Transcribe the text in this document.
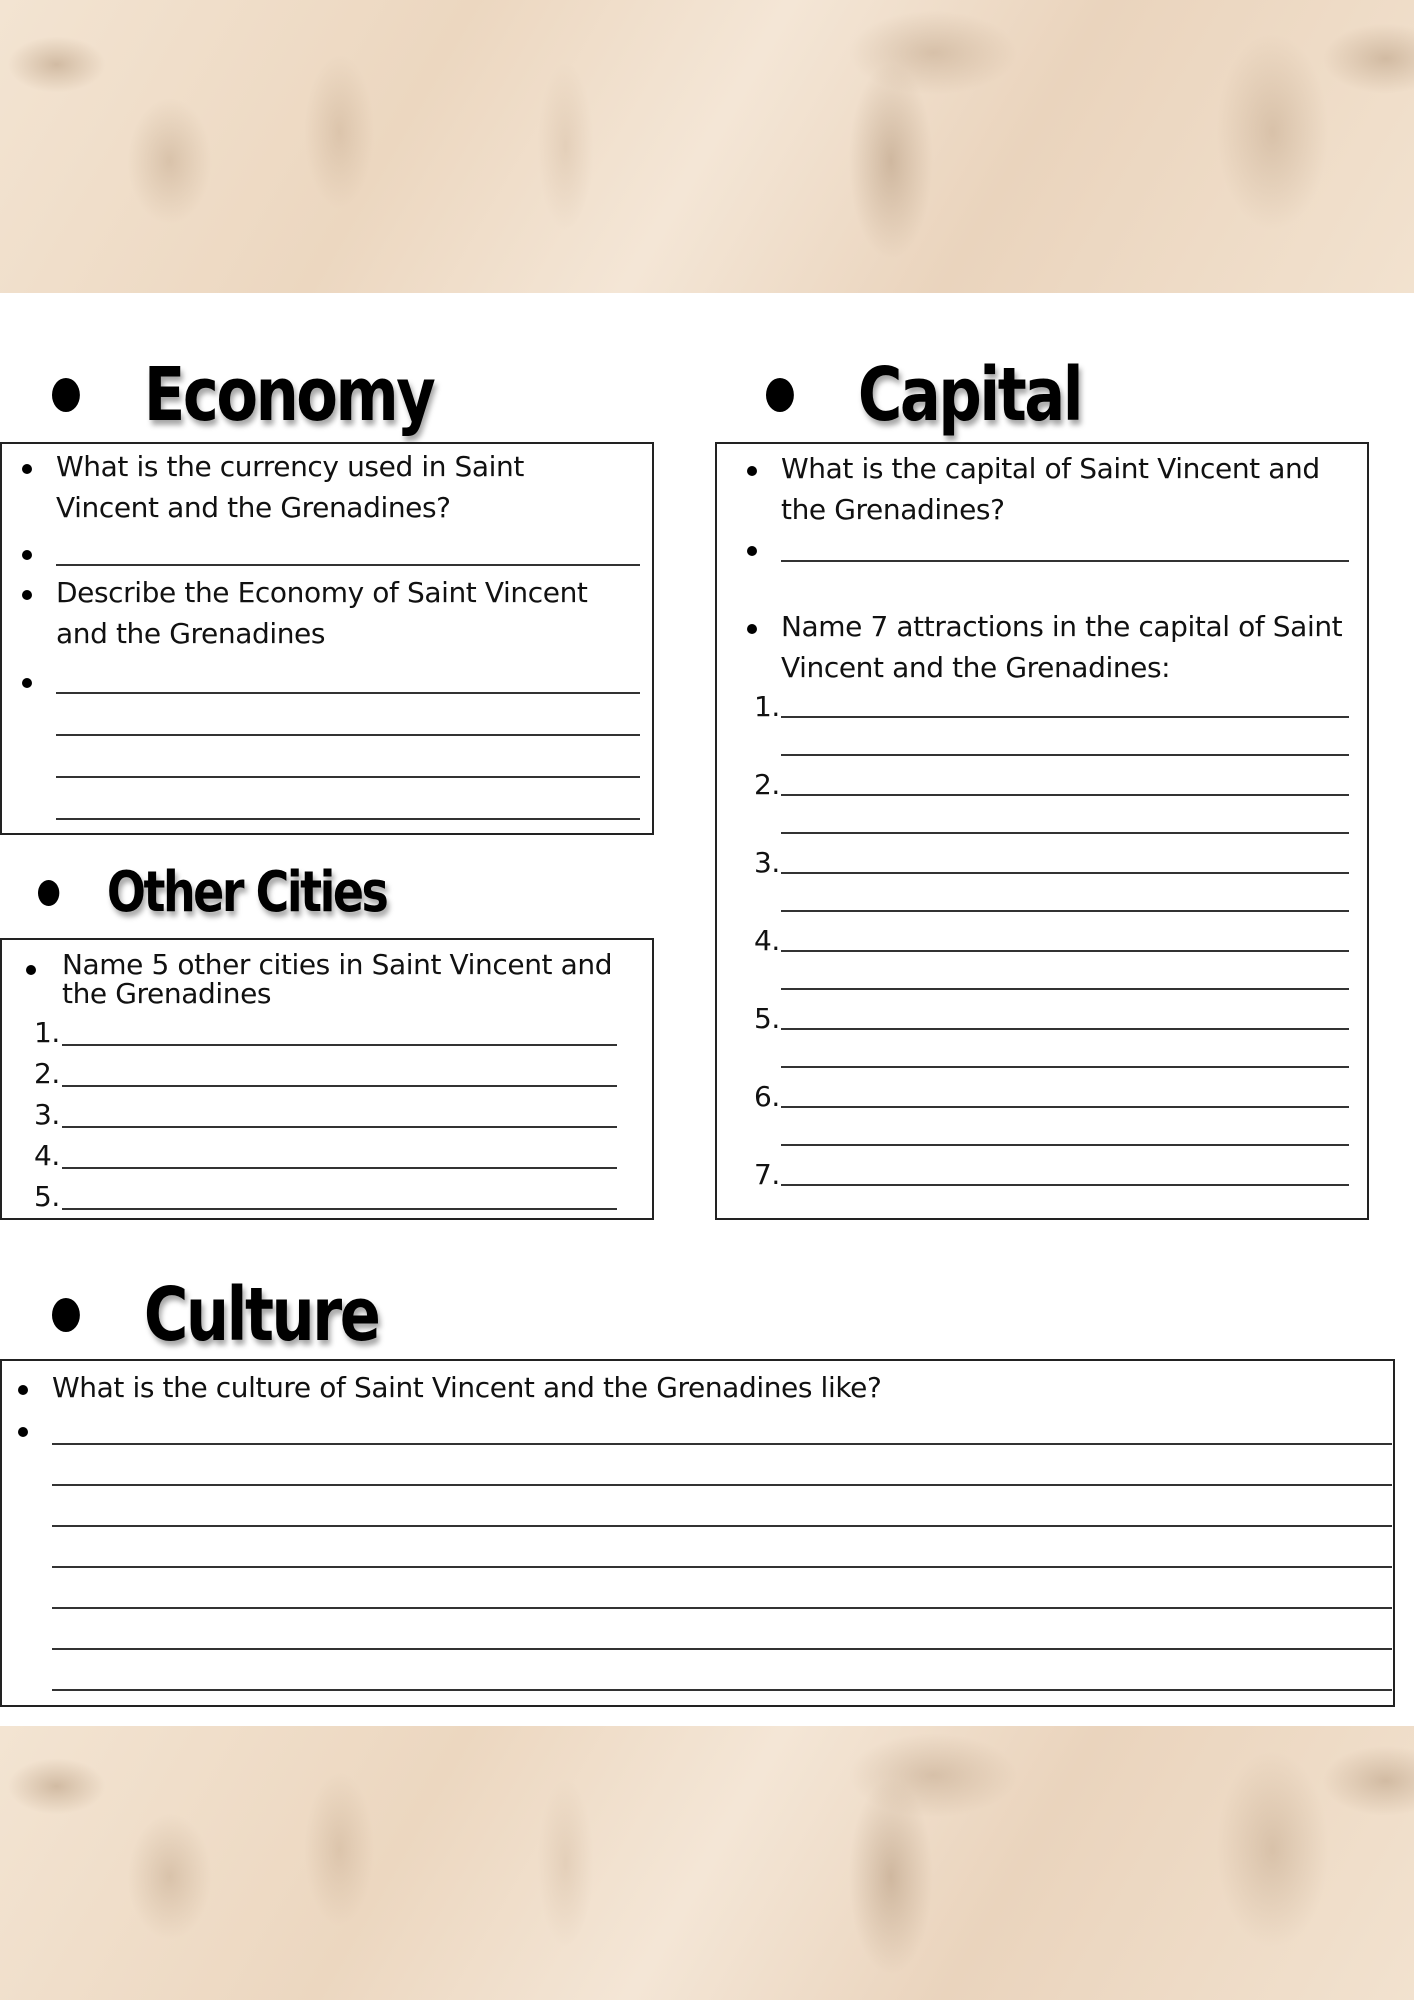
Economy
What is the currency used in Saint
Vincent and the Grenadines?
Describe the Economy of Saint Vincent
and the Grenadines
Capital
What is the capital of Saint Vincent and
the Grenadines?
Name 7 attractions in the capital of Saint
Vincent and the Grenadines:
1.
2.
3.
4.
5.
6.
7.
Other Cities
Name 5 other cities in Saint Vincent and
the Grenadines
1.
2.
3.
4.
5.
Culture
What is the culture of Saint Vincent and the Grenadines like?
